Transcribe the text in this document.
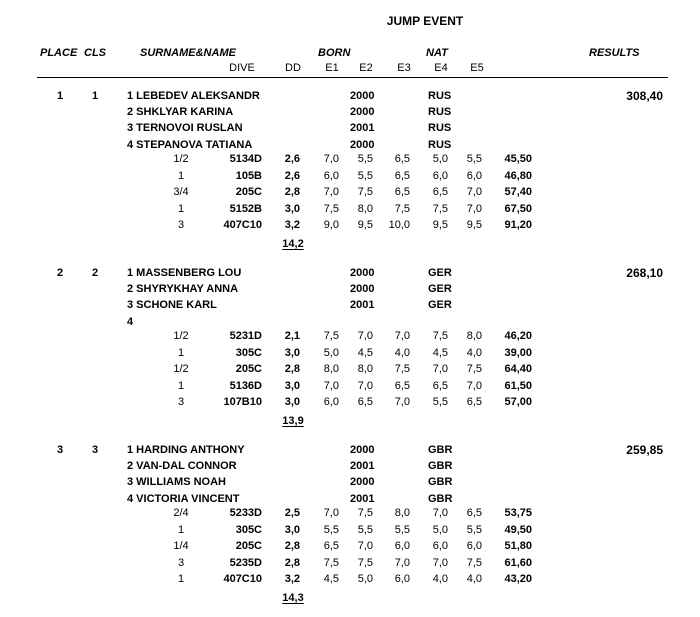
JUMP EVENT
PLACE CLS	SURNAME&NAME	BORN	NAT	RESULTS
DIVE	DD E1 E2 E3 E4 E5
1	1	308,40
1 LEBEDEV ALEKSANDR	2000	RUS
2 SHKLYAR KARINA	2000	RUS
3 TERNOVOI RUSLAN	2001	RUS
4 STEPANOVA TATIANA	2000	RUS
1/2	5134D 2,6 7,0 5,5 6,5 5,0 5,5 45,50
1	105B 2,6 6,0 5,5 6,5 6,0 6,0 46,80
3/4	205C 2,8 7,0 7,5 6,5 6,5 7,0 57,40
1	5152B 3,0 7,5 8,0 7,5 7,5 7,0 67,50
3	407C10 3,2 9,0 9,5 10,0 9,5 9,5 91,20
14,2
2	2	268,10
1 MASSENBERG LOU	2000	GER
2 SHYRYKHAY ANNA	2000	GER
3 SCHONE KARL	2001	GER
4
1/2	5231D 2,1 7,5 7,0 7,0 7,5 8,0 46,20
1	305C 3,0 5,0 4,5 4,0 4,5 4,0 39,00
1/2	205C 2,8 8,0 8,0 7,5 7,0 7,5 64,40
1	5136D 3,0 7,0 7,0 6,5 6,5 7,0 61,50
3	107B10 3,0 6,0 6,5 7,0 5,5 6,5 57,00
13,9
3	3	259,85
1 HARDING ANTHONY	2000	GBR
2 VAN-DAL CONNOR	2001	GBR
3 WILLIAMS NOAH	2000	GBR
4 VICTORIA VINCENT	2001	GBR
2/4	5233D 2,5 7,0 7,5 8,0 7,0 6,5 53,75
1	305C 3,0 5,5 5,5 5,5 5,0 5,5 49,50
1/4	205C 2,8 6,5 7,0 6,0 6,0 6,0 51,80
3	5235D 2,8 7,5 7,5 7,0 7,0 7,5 61,60
1	407C10 3,2 4,5 5,0 6,0 4,0 4,0 43,20
14,3
